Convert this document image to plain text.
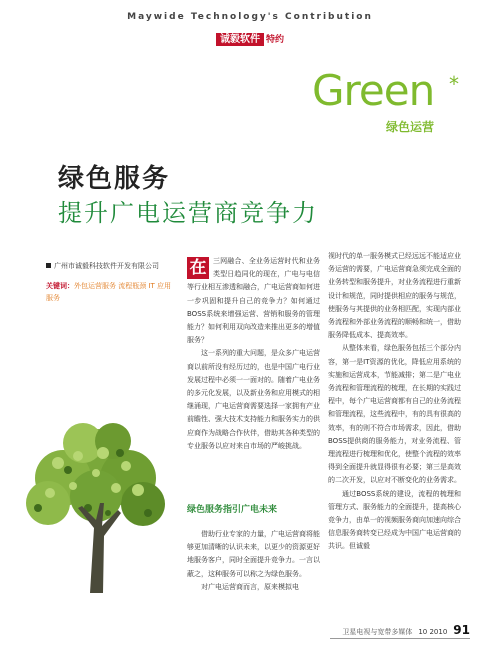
Maywide Technology's Contribution
诚毅软件 特约
Green *
绿色运营
绿色服务
提升广电运营商竞争力
广州市诚毅科技软件开发有限公司
关键词：外包运营服务 流程瓶颈 IT 应用服务
在 三网融合、全业务运营时代和业务类型日趋同化的现在，广电与电信等行业相互渗透和融合，广电运营商如何进一步巩固和提升自己的竞争力？如何通过BOSS系统来增强运营、营销和服务的管理能力？如何利用双向改造来推出更多的增值服务？

这一系列的重大问题，是众多广电运营商以前所没有经历过的，也是中国广电行业发展过程中必须一一面对的。随着广电业务的多元化发展，以及新业务和应用模式的相继涌现，广电运营商需要选择一家拥有产业前瞻性、强大技术支持能力和服务实力的供应商作为战略合作伙伴，借助其各种类型的专业服务以应对来自市场的严峻挑战。

绿色服务指引广电未来

借助行业专家的力量，广电运营商将能够更加清晰的认识未来，以更少的资源更好地服务客户，同时全面提升竞争力。一言以蔽之，这种服务可以称之为绿色服务。

对广电运营商而言，原来模拟电

视时代的单一服务模式已经远远不能适应业务运营的需要，广电运营商急须完成全面的业务转型和服务提升，对业务流程进行重新设计和规范，同时提供相应的服务与规范，使服务与其提供的业务相匹配，实现内部业务流程和外部业务流程的顺畅和统一，借助服务降低成本、提高效率。

从整体来看，绿色服务包括三个部分内容，第一是IT资源的优化，降低应用系统的实施和运营成本，节能减排；第二是广电业务流程和管理流程的梳理，在长期的实践过程中，每个广电运营商都有自己的业务流程和管理流程，这些流程中，有的具有很高的效率，有的则不符合市场需求，因此，借助BOSS提供商的服务能力，对业务流程、管理流程进行梳理和优化，使整个流程的效率得到全面提升就显得很有必要；第三是高效的二次开发，以应对不断变化的业务需求。

通过BOSS系统的建设，流程的梳理和管理方式、服务能力的全面提升，提高核心竞争力，由单一的视频服务商向加速向综合信息服务商转变已经成为中国广电运营商的共识。但诚毅

卫星电视与宽带多媒体 10 2010 91
